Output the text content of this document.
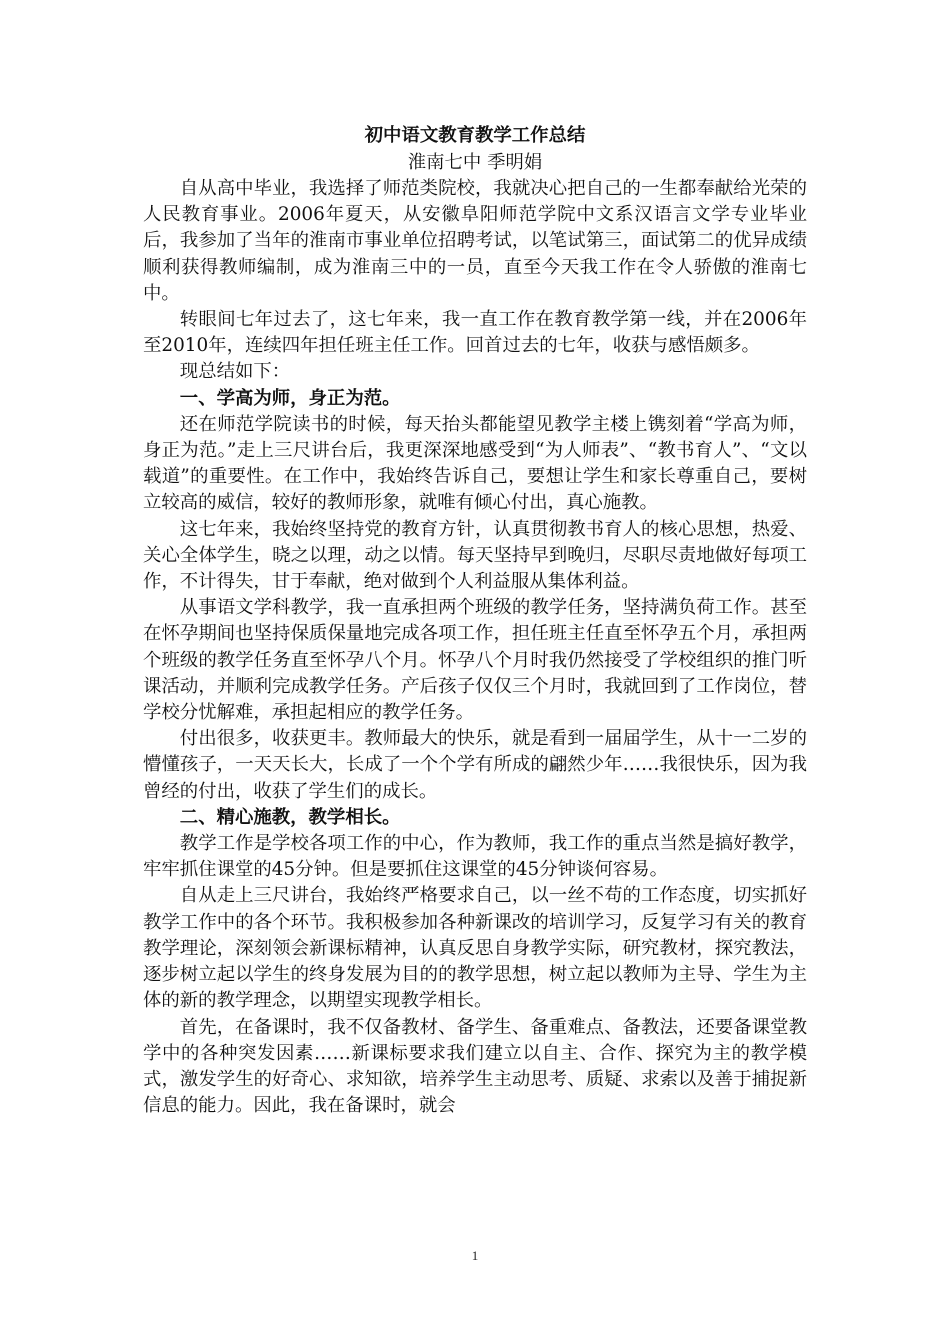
初中语文教育教学工作总结

淮南七中 季明娟

自从高中毕业，我选择了师范类院校，我就决心把自己的一生都奉献给光荣的人民教育事业。2006年夏天，从安徽阜阳师范学院中文系汉语言文学专业毕业后，我参加了当年的淮南市事业单位招聘考试，以笔试第三，面试第二的优异成绩顺利获得教师编制，成为淮南三中的一员，直至今天我工作在令人骄傲的淮南七中。

转眼间七年过去了，这七年来，我一直工作在教育教学第一线，并在2006年至2010年，连续四年担任班主任工作。回首过去的七年，收获与感悟颇多。

现总结如下：

一、学高为师，身正为范。

还在师范学院读书的时候，每天抬头都能望见教学主楼上镌刻着“学高为师，身正为范。”走上三尺讲台后，我更深深地感受到“为人师表”、“教书育人”、“文以载道”的重要性。在工作中，我始终告诉自己，要想让学生和家长尊重自己，要树立较高的威信，较好的教师形象，就唯有倾心付出，真心施教。

这七年来，我始终坚持党的教育方针，认真贯彻教书育人的核心思想，热爱、关心全体学生，晓之以理，动之以情。每天坚持早到晚归，尽职尽责地做好每项工作，不计得失，甘于奉献，绝对做到个人利益服从集体利益。

从事语文学科教学，我一直承担两个班级的教学任务，坚持满负荷工作。甚至在怀孕期间也坚持保质保量地完成各项工作，担任班主任直至怀孕五个月，承担两个班级的教学任务直至怀孕八个月。怀孕八个月时我仍然接受了学校组织的推门听课活动，并顺利完成教学任务。产后孩子仅仅三个月时，我就回到了工作岗位，替学校分忧解难，承担起相应的教学任务。

付出很多，收获更丰。教师最大的快乐，就是看到一届届学生，从十一二岁的懵懂孩子，一天天长大，长成了一个个学有所成的翩然少年……我很快乐，因为我曾经的付出，收获了学生们的成长。

二、精心施教，教学相长。

教学工作是学校各项工作的中心，作为教师，我工作的重点当然是搞好教学，牢牢抓住课堂的45分钟。但是要抓住这课堂的45分钟谈何容易。

自从走上三尺讲台，我始终严格要求自己，以一丝不苟的工作态度，切实抓好教学工作中的各个环节。我积极参加各种新课改的培训学习，反复学习有关的教育教学理论，深刻领会新课标精神，认真反思自身教学实际，研究教材，探究教法，逐步树立起以学生的终身发展为目的的教学思想，树立起以教师为主导、学生为主体的新的教学理念，以期望实现教学相长。

首先，在备课时，我不仅备教材、备学生、备重难点、备教法，还要备课堂教学中的各种突发因素……新课标要求我们建立以自主、合作、探究为主的教学模式，激发学生的好奇心、求知欲，培养学生主动思考、质疑、求索以及善于捕捉新信息的能力。因此，我在备课时，就会

1
